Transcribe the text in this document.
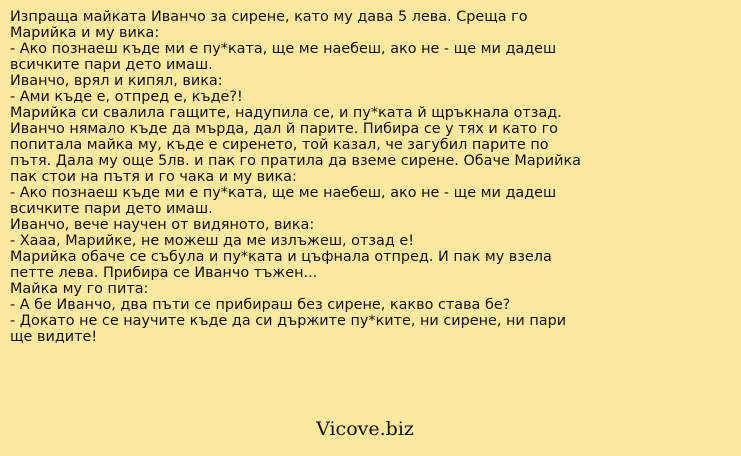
Изпраща майката Иванчо за сирене, като му дава 5 лева. Среща го Марийка и му вика:
- Ако познаеш къде ми е пу*ката, ще ме наебеш, ако не - ще ми дадеш всичките пари дето имаш.
Иванчо, врял и кипял, вика:
- Ами къде е, отпред е, къде?!
Марийка си свалила гащите, надупила се, и пу*ката й щръкнала отзад. Иванчо нямало къде да мърда, дал й парите. Пибира се у тях и като го попитала майка му, къде е сиренето, той казал, че загубил парите по пътя. Дала му още 5лв. и пак го пратила да вземе сирене. Обаче Марийка пак стои на пътя и го чака и му вика:
- Ако познаеш къде ми е пу*ката, ще ме наебеш, ако не - ще ми дадеш всичките пари дето имаш.
Иванчо, вече научен от видяното, вика:
- Хааа, Марийке, не можеш да ме излъжеш, отзад е!
Марийка обаче се събула и пу*ката и цъфнала отпред. И пак му взела петте лева. Прибира се Иванчо тъжен...
Майка му го пита:
- А бе Иванчо, два пъти се прибираш без сирене, какво става бе?
- Докато не се научите къде да си държите пу*ките, ни сирене, ни пари ще видите!
Vicove.biz
